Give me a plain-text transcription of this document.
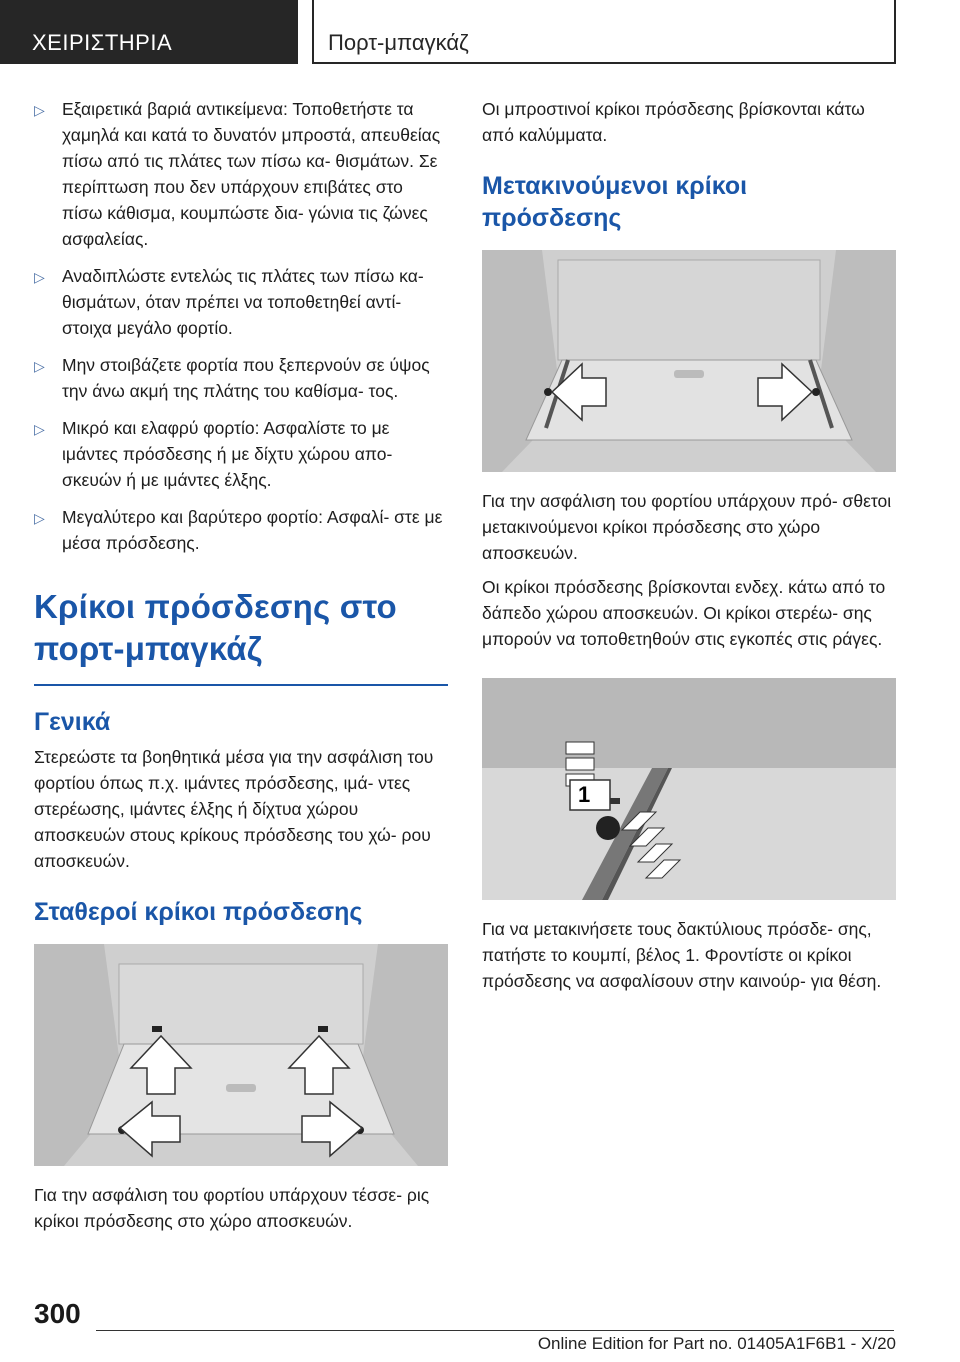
ΧΕΙΡΙΣΤΗΡΙΑ	Πορτ-μπαγκάζ
▷ Εξαιρετικά βαριά αντικείμενα: Τοποθετήστε τα χαμηλά και κατά το δυνατόν μπροστά, απευθείας πίσω από τις πλάτες των πίσω κα‐ θισμάτων. Σε περίπτωση που δεν υπάρχουν επιβάτες στο πίσω κάθισμα, κουμπώστε δια‐ γώνια τις ζώνες ασφαλείας.
▷ Αναδιπλώστε εντελώς τις πλάτες των πίσω κα‐ θισμάτων, όταν πρέπει να τοποθετηθεί αντί‐ στοιχα μεγάλο φορτίο.
▷ Μην στοιβάζετε φορτία που ξεπερνούν σε ύψος την άνω ακμή της πλάτης του καθίσμα‐ τος.
▷ Μικρό και ελαφρύ φορτίο: Ασφαλίστε το με ιμάντες πρόσδεσης ή με δίχτυ χώρου απο‐ σκευών ή με ιμάντες έλξης.
▷ Μεγαλύτερο και βαρύτερο φορτίο: Ασφαλί‐ στε με μέσα πρόσδεσης.
Κρίκοι πρόσδεσης στο
πορτ-μπαγκάζ
Γενικά
Στερεώστε τα βοηθητικά μέσα για την ασφάλιση του φορτίου όπως π.χ. ιμάντες πρόσδεσης, ιμά‐ ντες στερέωσης, ιμάντες έλξης ή δίχτυα χώρου αποσκευών στους κρίκους πρόσδεσης του χώ‐ ρου αποσκευών.
Σταθεροί κρίκοι πρόσδεσης
Για την ασφάλιση του φορτίου υπάρχουν τέσσε‐ ρις κρίκοι πρόσδεσης στο χώρο αποσκευών.
Οι μπροστινοί κρίκοι πρόσδεσης βρίσκονται κάτω από καλύμματα.
Μετακινούμενοι κρίκοι
πρόσδεσης
Για την ασφάλιση του φορτίου υπάρχουν πρό‐ σθετοι μετακινούμενοι κρίκοι πρόσδεσης στο χώρο αποσκευών.
Οι κρίκοι πρόσδεσης βρίσκονται ενδεχ. κάτω από το δάπεδο χώρου αποσκευών. Οι κρίκοι στερέω‐ σης μπορούν να τοποθετηθούν στις εγκοπές στις ράγες.
1
Για να μετακινήσετε τους δακτύλιους πρόσδε‐ σης, πατήστε το κουμπί, βέλος 1. Φροντίστε οι κρίκοι πρόσδεσης να ασφαλίσουν στην καινούρ‐ για θέση.
300
Online Edition for Part no. 01405A1F6B1 - X/20
